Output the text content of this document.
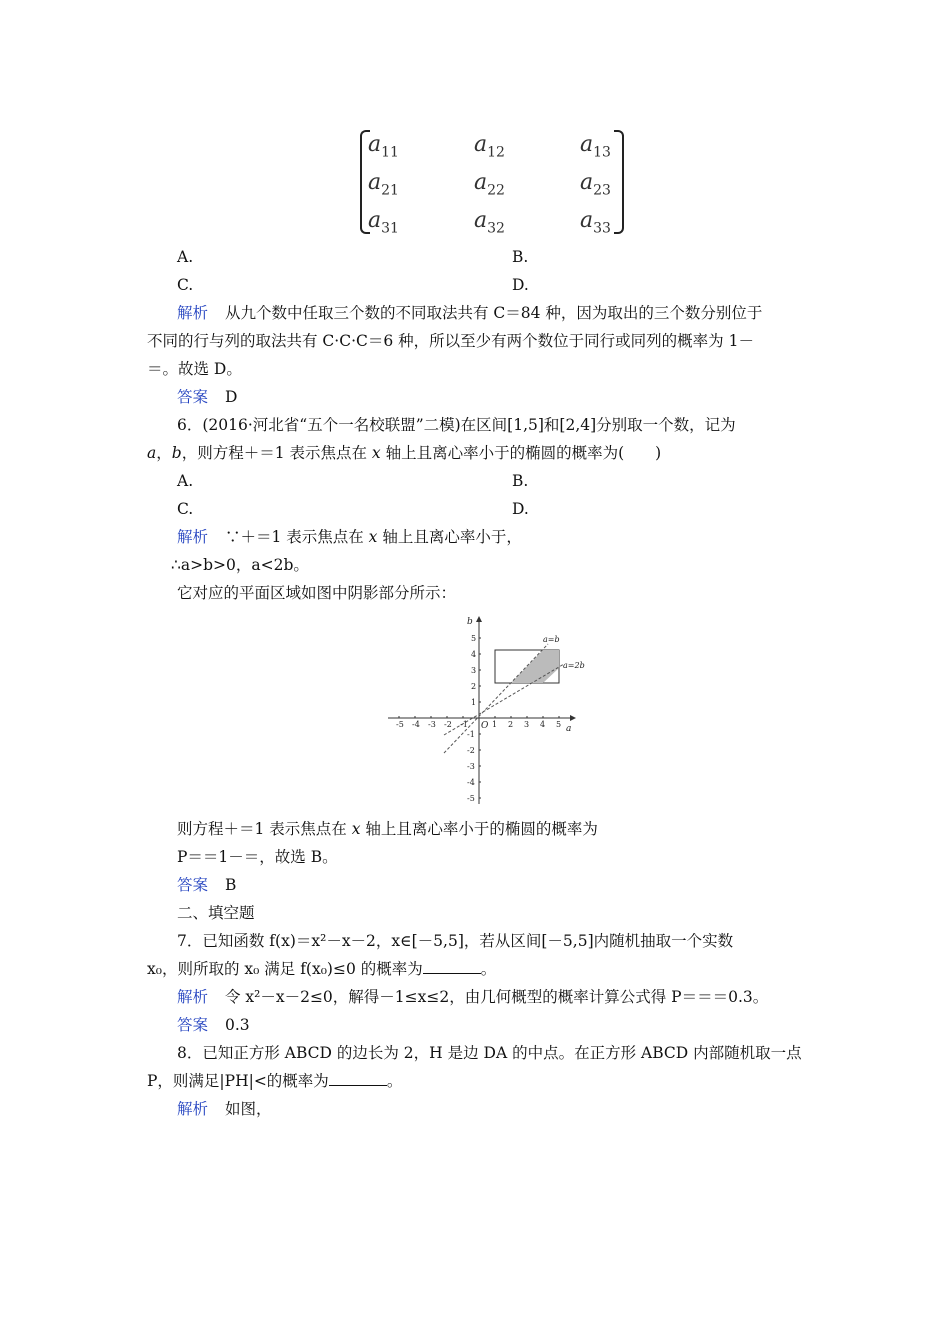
$a_{11}$	$a_{12}$	$a_{13}$
$a_{21}$	$a_{22}$	$a_{23}$
$a_{31}$	$a_{32}$	$a_{33}$
A.	B.
C.	D.
解析 从九个数中任取三个数的不同取法共有 C＝84 种，因为取出的三个数分别位于
不同的行与列的取法共有 C·C·C＝6 种，所以至少有两个数位于同行或同列的概率为 1－
＝。故选 D。
答案 D
6．(2016·河北省“五个一名校联盟”二模)在区间[1,5]和[2,4]分别取一个数，记为
a，b，则方程＋＝1 表示焦点在 x 轴上且离心率小于的椭圆的概率为(　　)
A.	B.
C.	D.
解析 ∵＋＝1 表示焦点在 x 轴上且离心率小于，
∴a>b>0，a<2b。
它对应的平面区域如图中阴影部分所示：
b
a
O
a=b
a=2b
-5 -4 -3 -2 -1	1 2 3 4 5
5
4
3
2
1
-1
-2
-3
-4
-5
则方程＋＝1 表示焦点在 x 轴上且离心率小于的椭圆的概率为
P＝＝1－＝，故选 B。
答案 B
二、填空题
7．已知函数 f(x)＝x²－x－2，x∈[－5,5]，若从区间[－5,5]内随机抽取一个实数
x₀，则所取的 x₀ 满足 f(x₀)≤0 的概率为	。
解析 令 x²－x－2≤0，解得－1≤x≤2，由几何概型的概率计算公式得 P＝＝＝0.3。
答案 0.3
8．已知正方形 ABCD 的边长为 2，H 是边 DA 的中点。在正方形 ABCD 内部随机取一点
P，则满足|PH|<的概率为	。
解析 如图，
